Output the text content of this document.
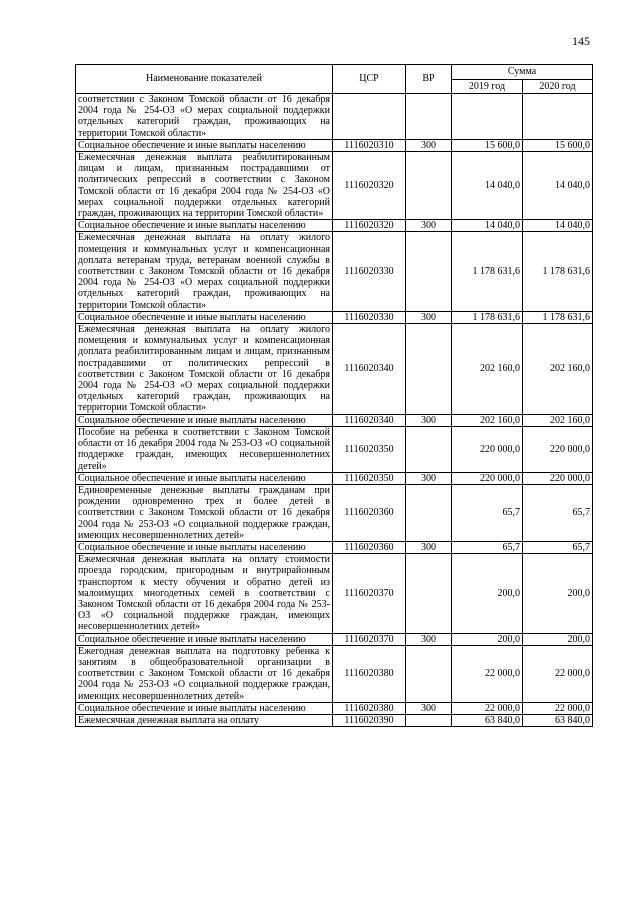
145
Наименование показателей	ЦСР	ВР	Сумма	
			2019 год	2020 год
соответствии с Законом Томской области от 16 декабря 2004 года № 254-ОЗ «О мерах социальной поддержки отдельных категорий граждан, проживающих на территории Томской области»				
Социальное обеспечение и иные выплаты населению	1116020310	300	15 600,0	15 600,0
Ежемесячная денежная выплата реабилитированным лицам и лицам, признанным пострадавшими от политических репрессий в соответствии с Законом Томской области от 16 декабря 2004 года № 254-ОЗ «О мерах социальной поддержки отдельных категорий граждан, проживающих на территории Томской области»	1116020320		14 040,0	14 040,0
Социальное обеспечение и иные выплаты населению	1116020320	300	14 040,0	14 040,0
Ежемесячная денежная выплата на оплату жилого помещения и коммунальных услуг и компенсационная доплата ветеранам труда, ветеранам военной службы в соответствии с Законом Томской области от 16 декабря 2004 года № 254-ОЗ «О мерах социальной поддержки отдельных категорий граждан, проживающих на территории Томской области»	1116020330		1 178 631,6	1 178 631,6
Социальное обеспечение и иные выплаты населению	1116020330	300	1 178 631,6	1 178 631,6
Ежемесячная денежная выплата на оплату жилого помещения и коммунальных услуг и компенсационная доплата реабилитированным лицам и лицам, признанным пострадавшими от политических репрессий в соответствии с Законом Томской области от 16 декабря 2004 года № 254-ОЗ «О мерах социальной поддержки отдельных категорий граждан, проживающих на территории Томской области»	1116020340		202 160,0	202 160,0
Социальное обеспечение и иные выплаты населению	1116020340	300	202 160,0	202 160,0
Пособие на ребенка в соответствии с Законом Томской области от 16 декабря 2004 года № 253-ОЗ «О социальной поддержке граждан, имеющих несовершеннолетних детей»	1116020350		220 000,0	220 000,0
Социальное обеспечение и иные выплаты населению	1116020350	300	220 000,0	220 000,0
Единовременные денежные выплаты гражданам при рождении одновременно трех и более детей в соответствии с Законом Томской области от 16 декабря 2004 года № 253-ОЗ «О социальной поддержке граждан, имеющих несовершеннолетних детей»	1116020360		65,7	65,7
Социальное обеспечение и иные выплаты населению	1116020360	300	65,7	65,7
Ежемесячная денежная выплата на оплату стоимости проезда городским, пригородным и внутрирайонным транспортом к месту обучения и обратно детей из малоимущих многодетных семей в соответствии с Законом Томской области от 16 декабря 2004 года № 253-ОЗ «О социальной поддержке граждан, имеющих несовершеннолетних детей»	1116020370		200,0	200,0
Социальное обеспечение и иные выплаты населению	1116020370	300	200,0	200,0
Ежегодная денежная выплата на подготовку ребенка к занятиям в общеобразовательной организации в соответствии с Законом Томской области от 16 декабря 2004 года № 253-ОЗ «О социальной поддержке граждан, имеющих несовершеннолетних детей»	1116020380		22 000,0	22 000,0
Социальное обеспечение и иные выплаты населению	1116020380	300	22 000,0	22 000,0
Ежемесячная денежная выплата на оплату	1116020390		63 840,0	63 840,0
